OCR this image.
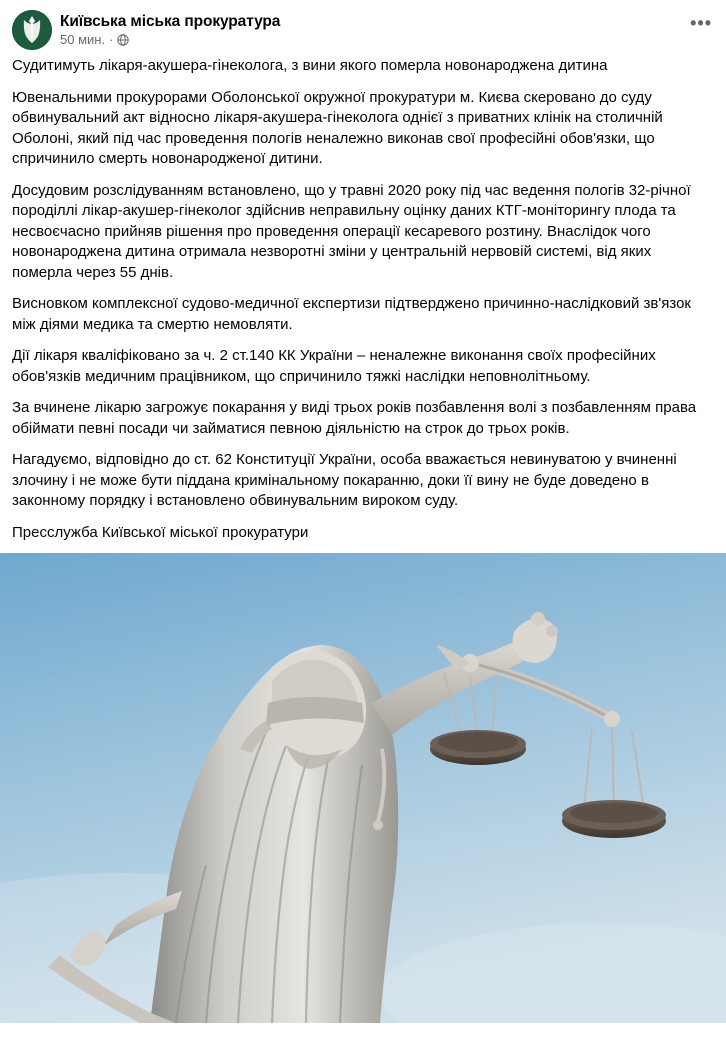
Київська міська прокуратура
50 мин. ·
•••

Судитимуть лікаря-акушера-гінеколога, з вини якого померла новонароджена дитина

Ювенальними прокурорами Оболонської окружної прокуратури м. Києва скеровано до суду обвинувальний акт відносно лікаря-акушера-гінеколога однієї з приватних клінік на столичній Оболоні, який під час проведення пологів неналежно виконав свої професійні обов'язки, що спричинило смерть новонародженої дитини.

Досудовим розслідуванням встановлено, що у травні 2020 року під час ведення пологів 32-річної породіллі лікар-акушер-гінеколог здійснив неправильну оцінку даних КТГ-моніторингу плода та несвоєчасно прийняв рішення про проведення операції кесаревого розтину. Внаслідок чого новонароджена дитина отримала незворотні зміни у центральній нервовій системі, від яких померла через 55 днів.

Висновком комплексної судово-медичної експертизи підтверджено причинно-наслідковий зв'язок між діями медика та смертю немовляти.

Дії лікаря кваліфіковано за ч. 2 ст.140 КК України – неналежне виконання своїх професійних обов'язків медичним працівником, що спричинило тяжкі наслідки неповнолітньому.

За вчинене лікарю загрожує покарання у виді трьох років позбавлення волі з позбавленням права обіймати певні посади чи займатися певною діяльністю на строк до трьох років.

Нагадуємо, відповідно до ст. 62 Конституції України, особа вважається невинуватою у вчиненні злочину і не може бути піддана кримінальному покаранню, доки її вину не буде доведено в законному порядку і встановлено обвинувальним вироком суду.

Пресслужба Київської міської прокуратури
